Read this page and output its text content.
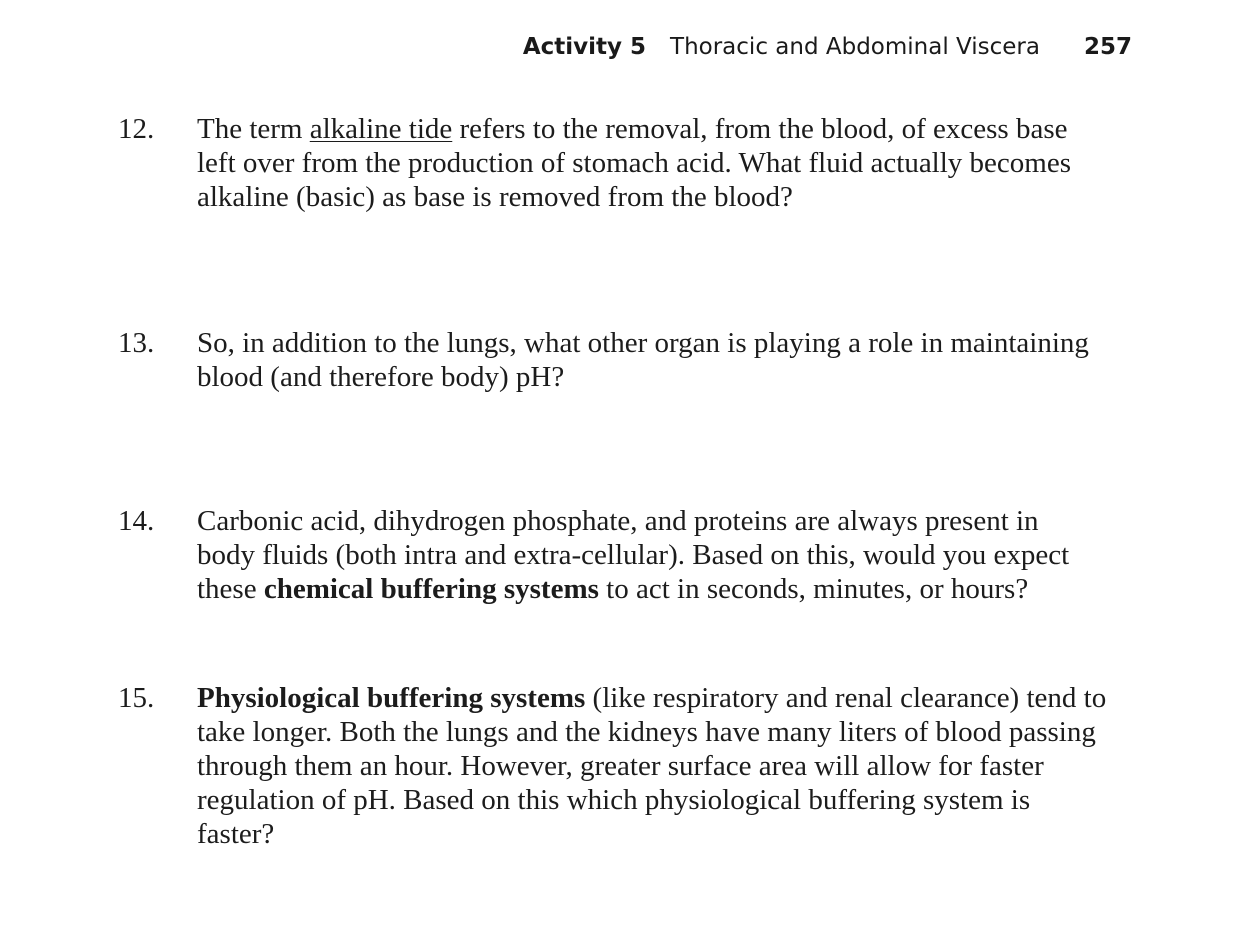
Activity 5 Thoracic and Abdominal Viscera 257
12. The term alkaline tide refers to the removal, from the blood, of excess base
left over from the production of stomach acid. What fluid actually becomes
alkaline (basic) as base is removed from the blood?
13. So, in addition to the lungs, what other organ is playing a role in maintaining
blood (and therefore body) pH?
14. Carbonic acid, dihydrogen phosphate, and proteins are always present in
body fluids (both intra and extra-cellular). Based on this, would you expect
these chemical buffering systems to act in seconds, minutes, or hours?
15. Physiological buffering systems (like respiratory and renal clearance) tend to
take longer. Both the lungs and the kidneys have many liters of blood passing
through them an hour. However, greater surface area will allow for faster
regulation of pH. Based on this which physiological buffering system is
faster?
